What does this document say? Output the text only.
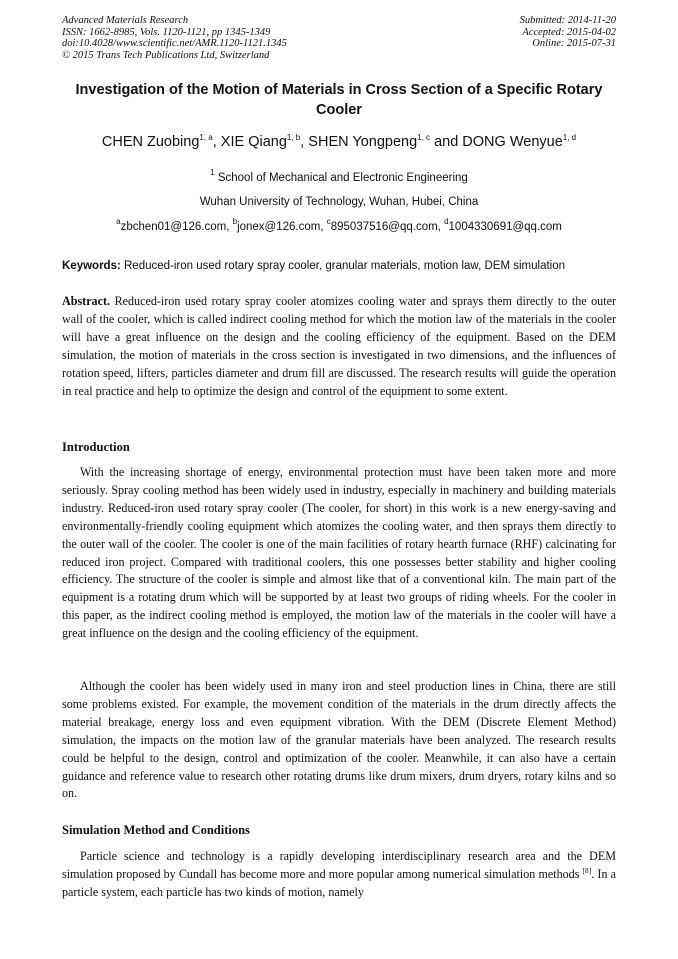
Advanced Materials Research
ISSN: 1662-8985, Vols. 1120-1121, pp 1345-1349
doi:10.4028/www.scientific.net/AMR.1120-1121.1345
© 2015 Trans Tech Publications Ltd, Switzerland
Submitted: 2014-11-20
Accepted: 2015-04-02
Online: 2015-07-31
Investigation of the Motion of Materials in Cross Section of a Specific Rotary Cooler
CHEN Zuobing$^{1, a}$, XIE Qiang$^{1, b}$, SHEN Yongpeng$^{1, c}$ and DONG Wenyue$^{1, d}$
$^1$ School of Mechanical and Electronic Engineering
Wuhan University of Technology, Wuhan, Hubei, China
$^a$zbchen01@126.com, $^b$jonex@126.com, $^c$895037516@qq.com, $^d$1004330691@qq.com
Keywords: Reduced-iron used rotary spray cooler, granular materials, motion law, DEM simulation
Abstract. Reduced-iron used rotary spray cooler atomizes cooling water and sprays them directly to the outer wall of the cooler, which is called indirect cooling method for which the motion law of the materials in the cooler will have a great influence on the design and the cooling efficiency of the equipment. Based on the DEM simulation, the motion of materials in the cross section is investigated in two dimensions, and the influences of rotation speed, lifters, particles diameter and drum fill are discussed. The research results will guide the operation in real practice and help to optimize the design and control of the equipment to some extent.
Introduction

With the increasing shortage of energy, environmental protection must have been taken more and more seriously. Spray cooling method has been widely used in industry, especially in machinery and building materials industry. Reduced-iron used rotary spray cooler (The cooler, for short) in this work is a new energy-saving and environmentally-friendly cooling equipment which atomizes the cooling water, and then sprays them directly to the outer wall of the cooler. The cooler is one of the main facilities of rotary hearth furnace (RHF) calcinating for reduced iron project. Compared with traditional coolers, this one possesses better stability and higher cooling efficiency. The structure of the cooler is simple and almost like that of a conventional kiln. The main part of the equipment is a rotating drum which will be supported by at least two groups of riding wheels. For the cooler in this paper, as the indirect cooling method is employed, the motion law of the materials in the cooler will have a great influence on the design and the cooling efficiency of the equipment.

Although the cooler has been widely used in many iron and steel production lines in China, there are still some problems existed. For example, the movement condition of the materials in the drum directly affects the material breakage, energy loss and even equipment vibration. With the DEM (Discrete Element Method) simulation, the impacts on the motion law of the granular materials have been analyzed. The research results could be helpful to the design, control and optimization of the cooler. Meanwhile, it can also have a certain guidance and reference value to research other rotating drums like drum mixers, drum dryers, rotary kilns and so on.

Simulation Method and Conditions

Particle science and technology is a rapidly developing interdisciplinary research area and the DEM simulation proposed by Cundall has become more and more popular among numerical simulation methods [8]. In a particle system, each particle has two kinds of motion, namely
